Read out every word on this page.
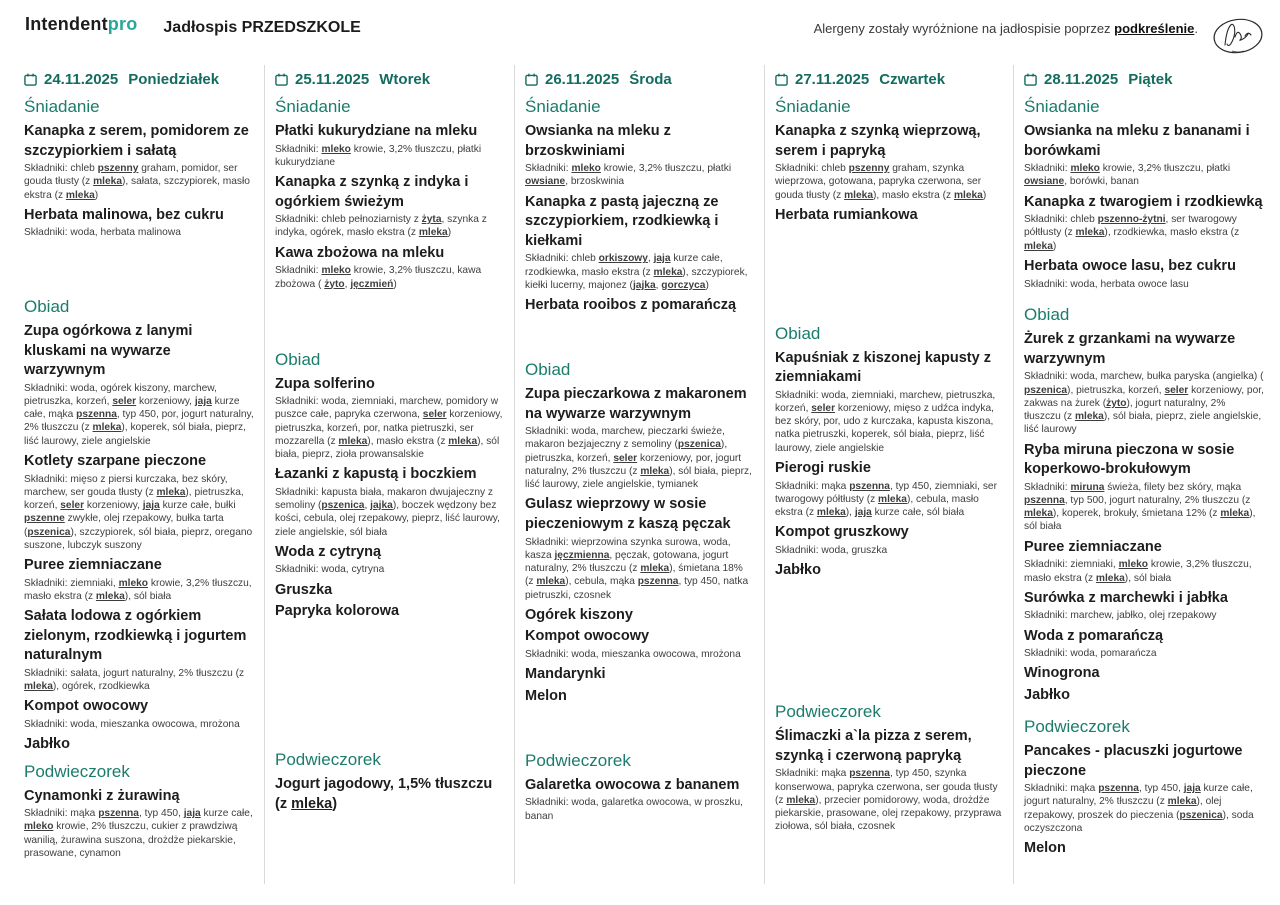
Intendentpro Jadłospis PRZEDSZKOLE	Alergeny zostały wyróżnione na jadłospisie poprzez podkreślenie.
24.11.2025 Poniedziałek
Śniadanie
Kanapka z serem, pomidorem ze szczypiorkiem i sałatą

Składniki: chleb pszenny graham, pomidor, ser gouda tłusty (z mleka), sałata, szczypiorek, masło ekstra (z mleka)

Herbata malinowa, bez cukru

Składniki: woda, herbata malinowa

Obiad
Zupa ogórkowa z lanymi kluskami na wywarze warzywnym

Składniki: woda, ogórek kiszony, marchew, pietruszka, korzeń, seler korzeniowy, jaja kurze całe, mąka pszenna, typ 450, por, jogurt naturalny, 2% tłuszczu (z mleka), koperek, sól biała, pieprz, liść laurowy, ziele angielskie

Kotlety szarpane pieczone

Składniki: mięso z piersi kurczaka, bez skóry, marchew, ser gouda tłusty (z mleka), pietruszka, korzeń, seler korzeniowy, jaja kurze całe, bułki pszenne zwykłe, olej rzepakowy, bułka tarta (pszenica), szczypiorek, sól biała, pieprz, oregano suszone, lubczyk suszony

Puree ziemniaczane

Składniki: ziemniaki, mleko krowie, 3,2% tłuszczu, masło ekstra (z mleka), sól biała

Sałata lodowa z ogórkiem zielonym, rzodkiewką i jogurtem naturalnym

Składniki: sałata, jogurt naturalny, 2% tłuszczu (z mleka), ogórek, rzodkiewka

Kompot owocowy

Składniki: woda, mieszanka owocowa, mrożona

Jabłko
Podwieczorek
Cynamonki z żurawiną

Składniki: mąka pszenna, typ 450, jaja kurze całe, mleko krowie, 2% tłuszczu, cukier z prawdziwą wanilią, żurawina suszona, drożdże piekarskie, prasowane, cynamon

25.11.2025 Wtorek
Śniadanie
Płatki kukurydziane na mleku

Składniki: mleko krowie, 3,2% tłuszczu, płatki kukurydziane

Kanapka z szynką z indyka i ogórkiem świeżym

Składniki: chleb pełnoziarnisty z żyta, szynka z indyka, ogórek, masło ekstra (z mleka)

Kawa zbożowa na mleku

Składniki: mleko krowie, 3,2% tłuszczu, kawa zbożowa ( żyto, jęczmień)

Obiad
Zupa solferino

Składniki: woda, ziemniaki, marchew, pomidory w puszce całe, papryka czerwona, seler korzeniowy, pietruszka, korzeń, por, natka pietruszki, ser mozzarella (z mleka), masło ekstra (z mleka), sól biała, pieprz, zioła prowansalskie

Łazanki z kapustą i boczkiem

Składniki: kapusta biała, makaron dwujajeczny z semoliny (pszenica, jajka), boczek wędzony bez kości, cebula, olej rzepakowy, pieprz, liść laurowy, ziele angielskie, sól biała

Woda z cytryną

Składniki: woda, cytryna

Gruszka
Papryka kolorowa
Podwieczorek
Jogurt jagodowy, 1,5% tłuszczu (z mleka)
26.11.2025 Środa
Śniadanie
Owsianka na mleku z brzoskwiniami

Składniki: mleko krowie, 3,2% tłuszczu, płatki owsiane, brzoskwinia

Kanapka z pastą jajeczną ze szczypiorkiem, rzodkiewką i kiełkami

Składniki: chleb orkiszowy, jaja kurze całe, rzodkiewka, masło ekstra (z mleka), szczypiorek, kiełki lucerny, majonez (jajka, gorczyca)

Herbata rooibos z pomarańczą
Obiad
Zupa pieczarkowa z makaronem na wywarze warzywnym

Składniki: woda, marchew, pieczarki świeże, makaron bezjajeczny z semoliny (pszenica), pietruszka, korzeń, seler korzeniowy, por, jogurt naturalny, 2% tłuszczu (z mleka), sól biała, pieprz, liść laurowy, ziele angielskie, tymianek

Gulasz wieprzowy w sosie pieczeniowym z kaszą pęczak

Składniki: wieprzowina szynka surowa, woda, kasza jęczmienna, pęczak, gotowana, jogurt naturalny, 2% tłuszczu (z mleka), śmietana 18% (z mleka), cebula, mąka pszenna, typ 450, natka pietruszki, czosnek

Ogórek kiszony
Kompot owocowy

Składniki: woda, mieszanka owocowa, mrożona

Mandarynki
Melon
Podwieczorek
Galaretka owocowa z bananem

Składniki: woda, galaretka owocowa, w proszku, banan

27.11.2025 Czwartek
Śniadanie
Kanapka z szynką wieprzową, serem i papryką

Składniki: chleb pszenny graham, szynka wieprzowa, gotowana, papryka czerwona, ser gouda tłusty (z mleka), masło ekstra (z mleka)

Herbata rumiankowa
Obiad
Kapuśniak z kiszonej kapusty z ziemniakami

Składniki: woda, ziemniaki, marchew, pietruszka, korzeń, seler korzeniowy, mięso z udźca indyka, bez skóry, por, udo z kurczaka, kapusta kiszona, natka pietruszki, koperek, sól biała, pieprz, liść laurowy, ziele angielskie

Pierogi ruskie

Składniki: mąka pszenna, typ 450, ziemniaki, ser twarogowy półtłusty (z mleka), cebula, masło ekstra (z mleka), jaja kurze całe, sól biała

Kompot gruszkowy

Składniki: woda, gruszka

Jabłko
Podwieczorek
Ślimaczki a`la pizza z serem, szynką i czerwoną papryką

Składniki: mąka pszenna, typ 450, szynka konserwowa, papryka czerwona, ser gouda tłusty (z mleka), przecier pomidorowy, woda, drożdże piekarskie, prasowane, olej rzepakowy, przyprawa ziołowa, sól biała, czosnek

28.11.2025 Piątek
Śniadanie
Owsianka na mleku z bananami i borówkami

Składniki: mleko krowie, 3,2% tłuszczu, płatki owsiane, borówki, banan

Kanapka z twarogiem i rzodkiewką

Składniki: chleb pszenno-żytni, ser twarogowy półtłusty (z mleka), rzodkiewka, masło ekstra (z mleka)

Herbata owoce lasu, bez cukru

Składniki: woda, herbata owoce lasu

Obiad
Żurek z grzankami na wywarze warzywnym

Składniki: woda, marchew, bułka paryska (angielka) ( pszenica), pietruszka, korzeń, seler korzeniowy, por, zakwas na żurek (żyto), jogurt naturalny, 2% tłuszczu (z mleka), sól biała, pieprz, ziele angielskie, liść laurowy

Ryba miruna pieczona w sosie koperkowo-brokułowym

Składniki: miruna świeża, filety bez skóry, mąka pszenna, typ 500, jogurt naturalny, 2% tłuszczu (z mleka), koperek, brokuły, śmietana 12% (z mleka), sól biała

Puree ziemniaczane

Składniki: ziemniaki, mleko krowie, 3,2% tłuszczu, masło ekstra (z mleka), sól biała

Surówka z marchewki i jabłka

Składniki: marchew, jabłko, olej rzepakowy

Woda z pomarańczą

Składniki: woda, pomarańcza

Winogrona
Jabłko
Podwieczorek
Pancakes - placuszki jogurtowe pieczone

Składniki: mąka pszenna, typ 450, jaja kurze całe, jogurt naturalny, 2% tłuszczu (z mleka), olej rzepakowy, proszek do pieczenia (pszenica), soda oczyszczona

Melon
